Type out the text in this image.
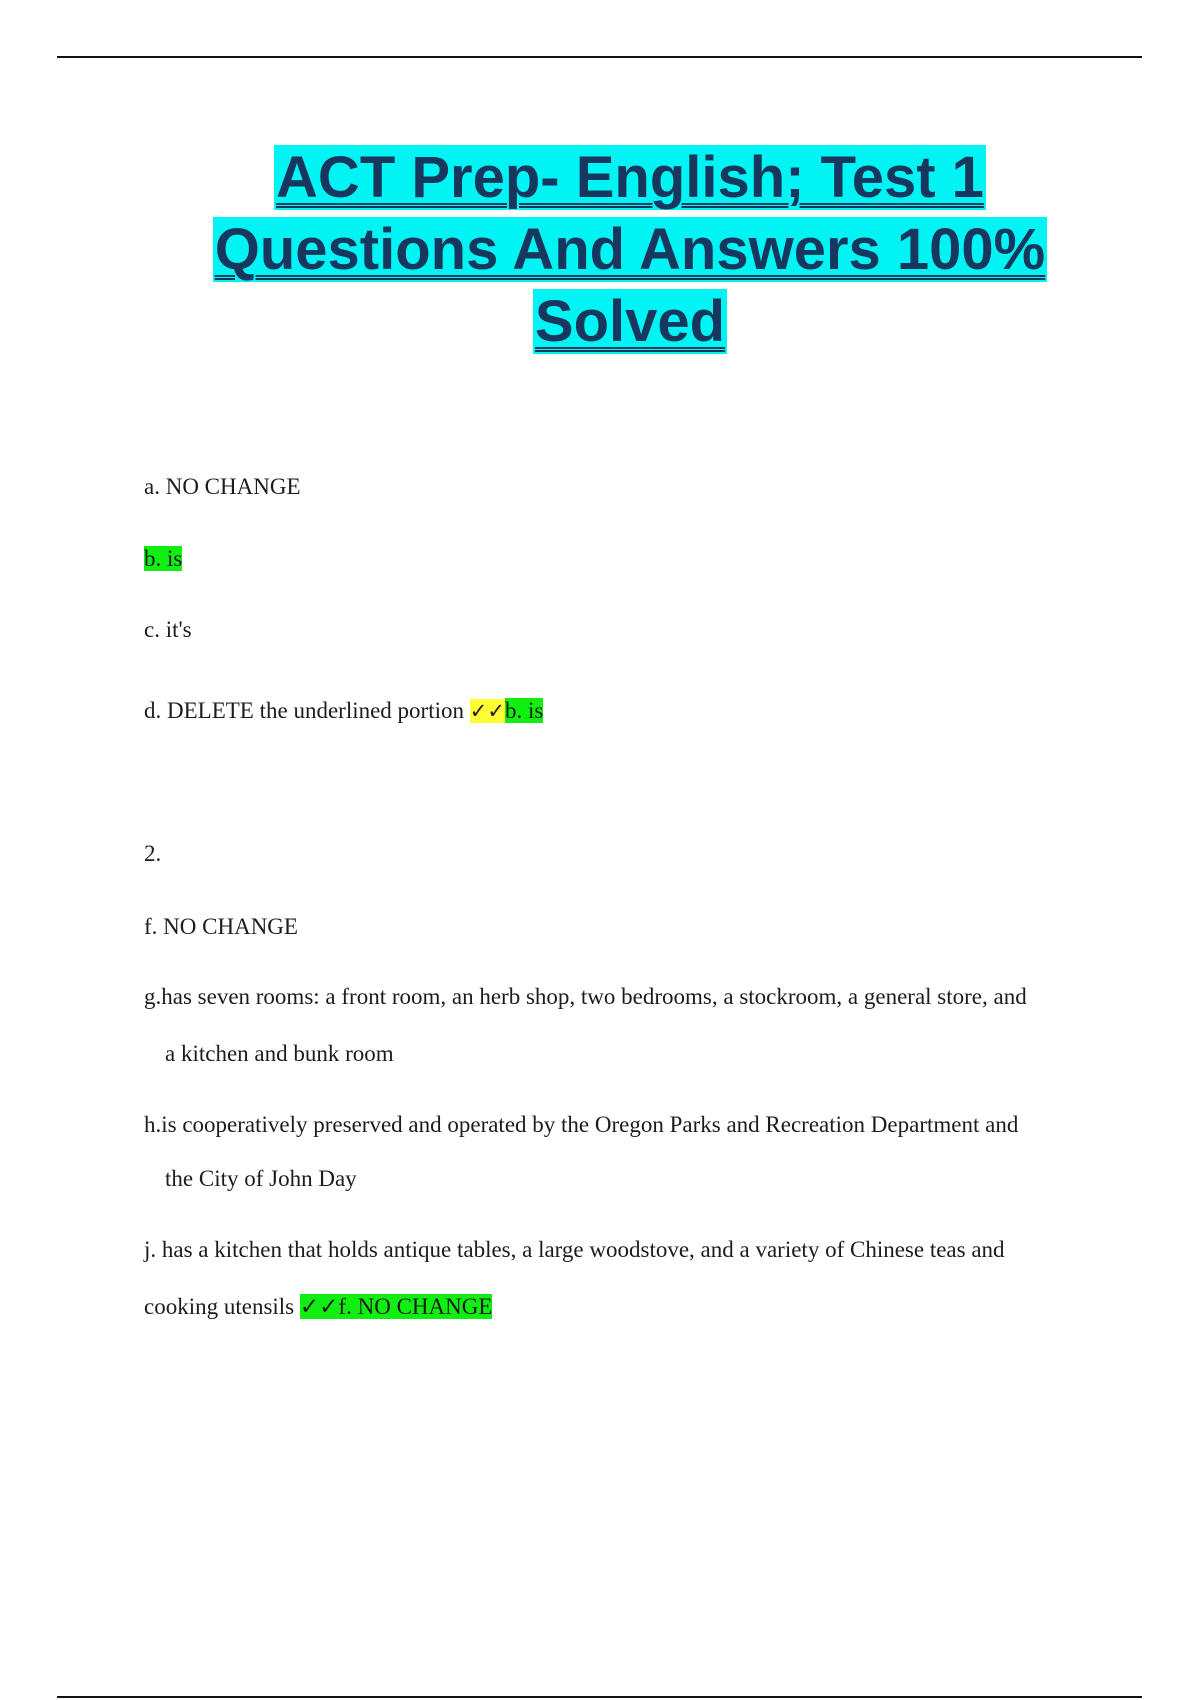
ACT Prep- English; Test 1
Questions And Answers 100%
Solved
a. NO CHANGE
b. is
c. it's
d. DELETE the underlined portion ✓✓b. is
2.
f. NO CHANGE
g.has seven rooms: a front room, an herb shop, two bedrooms, a stockroom, a general store, and
a kitchen and bunk room
h.is cooperatively preserved and operated by the Oregon Parks and Recreation Department and
the City of John Day
j. has a kitchen that holds antique tables, a large woodstove, and a variety of Chinese teas and
cooking utensils ✓✓f. NO CHANGE
